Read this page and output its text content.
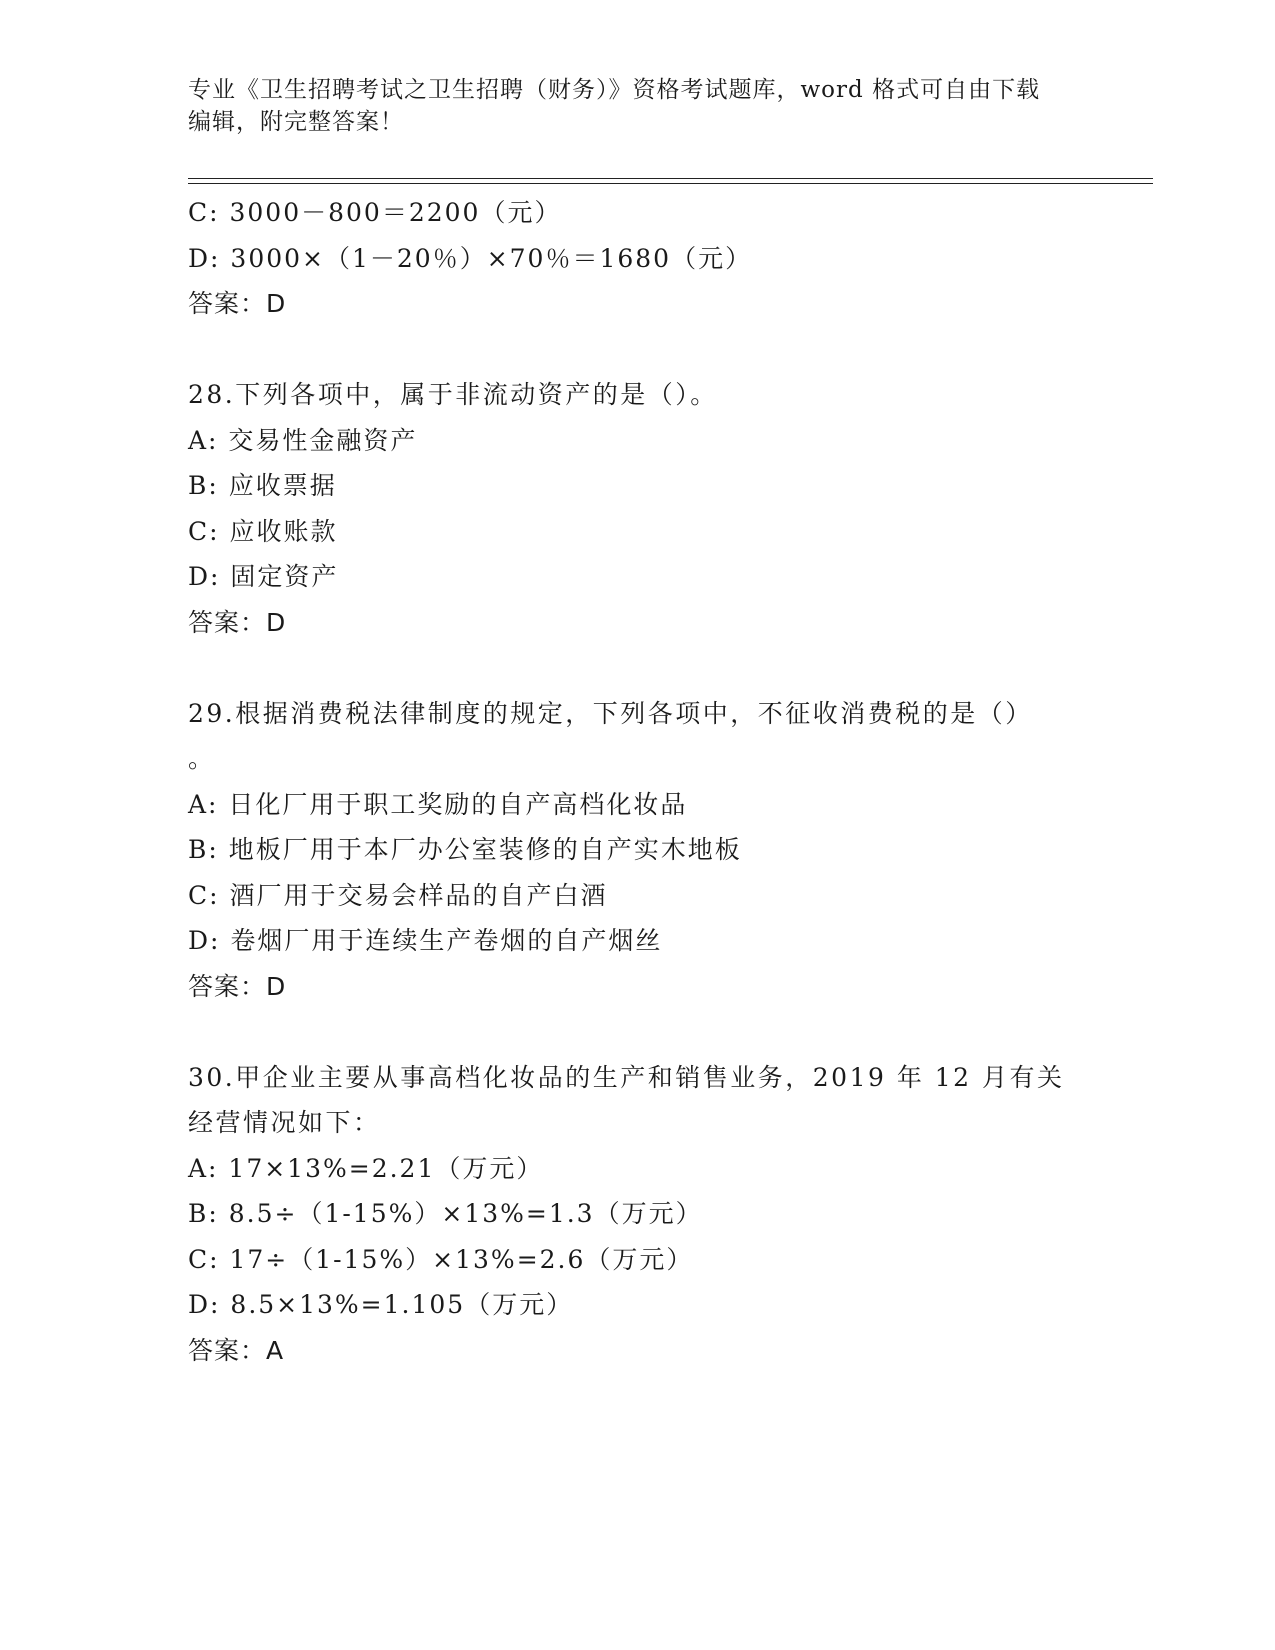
专业《卫生招聘考试之卫生招聘（财务）》资格考试题库，word 格式可自由下载
编辑，附完整答案！
C: 3000－800＝2200（元）
D: 3000×（1－20％）×70％＝1680（元）
答案：D
28.下列各项中，属于非流动资产的是（）。
A: 交易性金融资产
B: 应收票据
C: 应收账款
D: 固定资产
答案：D
29.根据消费税法律制度的规定，下列各项中，不征收消费税的是（）
。
A: 日化厂用于职工奖励的自产高档化妆品
B: 地板厂用于本厂办公室装修的自产实木地板
C: 酒厂用于交易会样品的自产白酒
D: 卷烟厂用于连续生产卷烟的自产烟丝
答案：D
30.甲企业主要从事高档化妆品的生产和销售业务，2019 年 12 月有关
经营情况如下：
A: 17×13%=2.21（万元）
B: 8.5÷（1-15%）×13%=1.3（万元）
C: 17÷（1-15%）×13%=2.6（万元）
D: 8.5×13%=1.105（万元）
答案：A
